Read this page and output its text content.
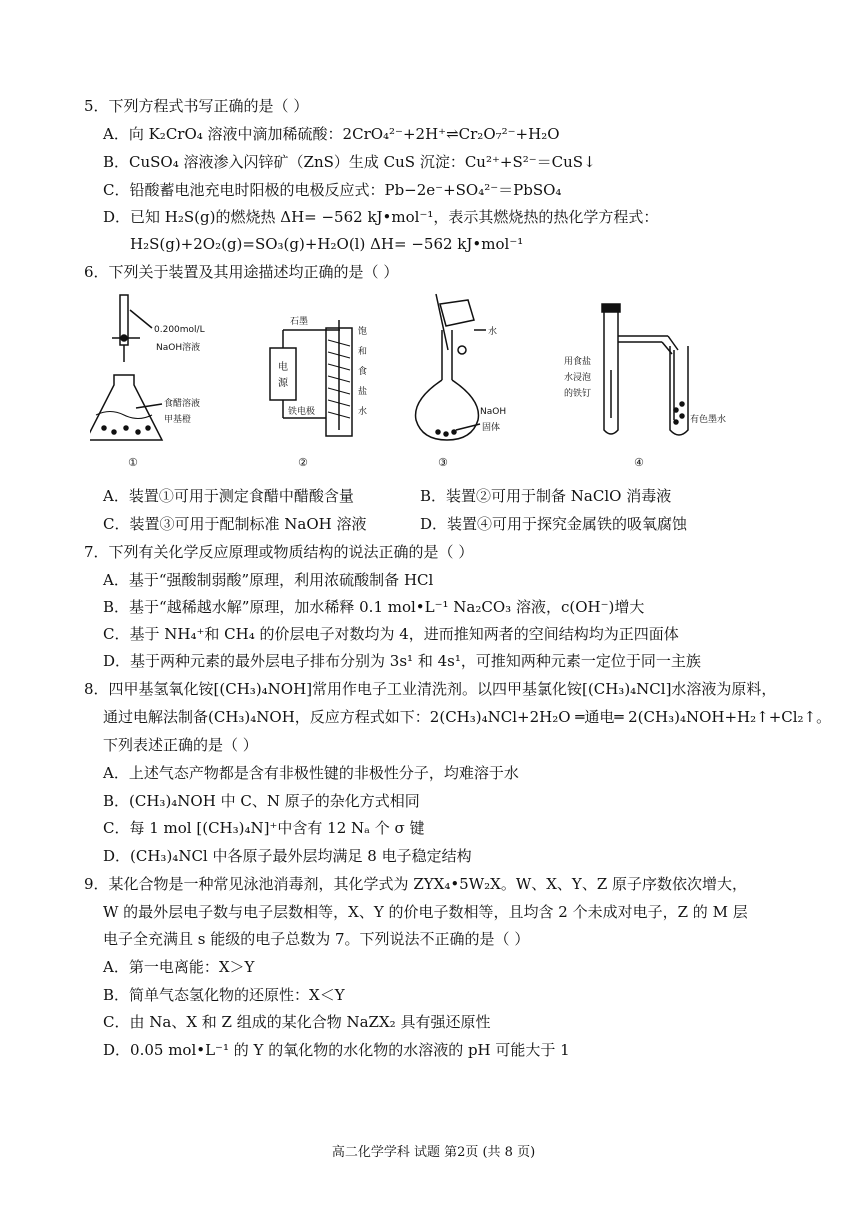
5．下列方程式书写正确的是（ ）
A．向 K₂CrO₄ 溶液中滴加稀硫酸：2CrO₄²⁻+2H⁺⇌Cr₂O₇²⁻+H₂O
B．CuSO₄ 溶液渗入闪锌矿（ZnS）生成 CuS 沉淀：Cu²⁺+S²⁻＝CuS↓
C．铅酸蓄电池充电时阳极的电极反应式：Pb−2e⁻+SO₄²⁻＝PbSO₄
D．已知 H₂S(g)的燃烧热 ΔH= −562 kJ•mol⁻¹，表示其燃烧热的热化学方程式：
H₂S(g)+2O₂(g)=SO₃(g)+H₂O(l) ΔH= −562 kJ•mol⁻¹
6．下列关于装置及其用途描述均正确的是（ ）
0.200mol/L
NaOH溶液
食醋溶液
甲基橙
①
电
源
石墨
饱
和
食
盐
水
铁电极
②
水
NaOH
固体
③
用食盐
水浸泡
的铁钉
有色墨水
④
A．装置①可用于测定食醋中醋酸含量	B．装置②可用于制备 NaClO 消毒液
C．装置③可用于配制标准 NaOH 溶液	D．装置④可用于探究金属铁的吸氧腐蚀
7．下列有关化学反应原理或物质结构的说法正确的是（ ）
A．基于“强酸制弱酸”原理，利用浓硫酸制备 HCl
B．基于“越稀越水解”原理，加水稀释 0.1 mol•L⁻¹ Na₂CO₃ 溶液，c(OH⁻)增大
C．基于 NH₄⁺和 CH₄ 的价层电子对数均为 4，进而推知两者的空间结构均为正四面体
D．基于两种元素的最外层电子排布分别为 3s¹ 和 4s¹，可推知两种元素一定位于同一主族
8．四甲基氢氧化铵[(CH₃)₄NOH]常用作电子工业清洗剂。以四甲基氯化铵[(CH₃)₄NCl]水溶液为原料，
通过电解法制备(CH₃)₄NOH，反应方程式如下：2(CH₃)₄NCl+2H₂O ═通电═ 2(CH₃)₄NOH+H₂↑+Cl₂↑。
下列表述正确的是（ ）
A．上述气态产物都是含有非极性键的非极性分子，均难溶于水
B．(CH₃)₄NOH 中 C、N 原子的杂化方式相同
C．每 1 mol [(CH₃)₄N]⁺中含有 12 Nₐ 个 σ 键
D．(CH₃)₄NCl 中各原子最外层均满足 8 电子稳定结构
9．某化合物是一种常见泳池消毒剂，其化学式为 ZYX₄•5W₂X。W、X、Y、Z 原子序数依次增大，
W 的最外层电子数与电子层数相等，X、Y 的价电子数相等，且均含 2 个未成对电子，Z 的 M 层
电子全充满且 s 能级的电子总数为 7。下列说法不正确的是（ ）
A．第一电离能：X＞Y
B．简单气态氢化物的还原性：X＜Y
C．由 Na、X 和 Z 组成的某化合物 NaZX₂ 具有强还原性
D．0.05 mol•L⁻¹ 的 Y 的氧化物的水化物的水溶液的 pH 可能大于 1
高二化学学科 试题 第2页 (共 8 页)
